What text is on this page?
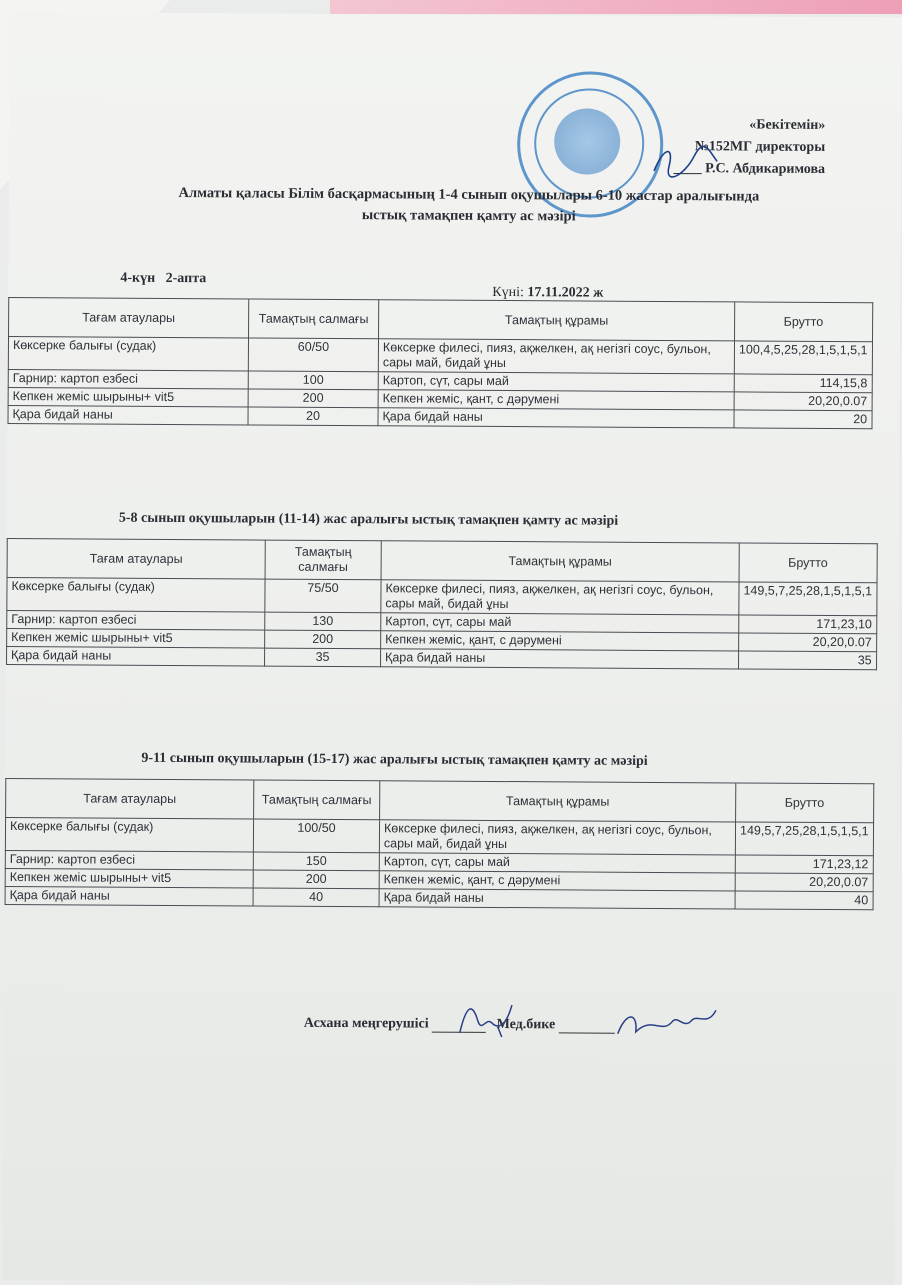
«Бекітемін»
№152МГ директоры
____ Р.С. Абдикаримова
Алматы қаласы Білім басқармасының 1-4 сынып оқушылары 6-10 жастар аралығында
ыстық тамақпен қамту ас мәзірі
4-күн   2-апта
Күні: 17.11.2022 ж
Тағам атаулары	Тамақтың салмағы	Тамақтың құрамы	Брутто
Көксерке балығы (судак)	60/50	Көксерке филесі, пияз, ақжелкен, ақ негізгі соус, бульон, сары май, бидай ұны	100,4,5,25,28,1,5,1,5,1
Гарнир: картоп езбесі	100	Картоп, сүт, сары май	114,15,8
Кепкен жеміс шырыны+ vit5	200	Кепкен жеміс, қант, с дәрумені	20,20,0.07
Қара бидай наны	20	Қара бидай наны	20
5-8 сынып оқушыларын (11-14) жас аралығы ыстық тамақпен қамту ас мәзірі
Тағам атаулары	Тамақтың салмағы	Тамақтың құрамы	Брутто
Көксерке балығы (судак)	75/50	Көксерке филесі, пияз, ақжелкен, ақ негізгі соус, бульон, сары май, бидай ұны	149,5,7,25,28,1,5,1,5,1
Гарнир: картоп езбесі	130	Картоп, сүт, сары май	171,23,10
Кепкен жеміс шырыны+ vit5	200	Кепкен жеміс, қант, с дәрумені	20,20,0.07
Қара бидай наны	35	Қара бидай наны	35
9-11 сынып оқушыларын (15-17) жас аралығы ыстық тамақпен қамту ас мәзірі
Тағам атаулары	Тамақтың салмағы	Тамақтың құрамы	Брутто
Көксерке балығы (судак)	100/50	Көксерке филесі, пияз, ақжелкен, ақ негізгі соус, бульон, сары май, бидай ұны	149,5,7,25,28,1,5,1,5,1
Гарнир: картоп езбесі	150	Картоп, сүт, сары май	171,23,12
Кепкен жеміс шырыны+ vit5	200	Кепкен жеміс, қант, с дәрумені	20,20,0.07
Қара бидай наны	40	Қара бидай наны	40
Асхана меңгерушісі	Мед.бике
